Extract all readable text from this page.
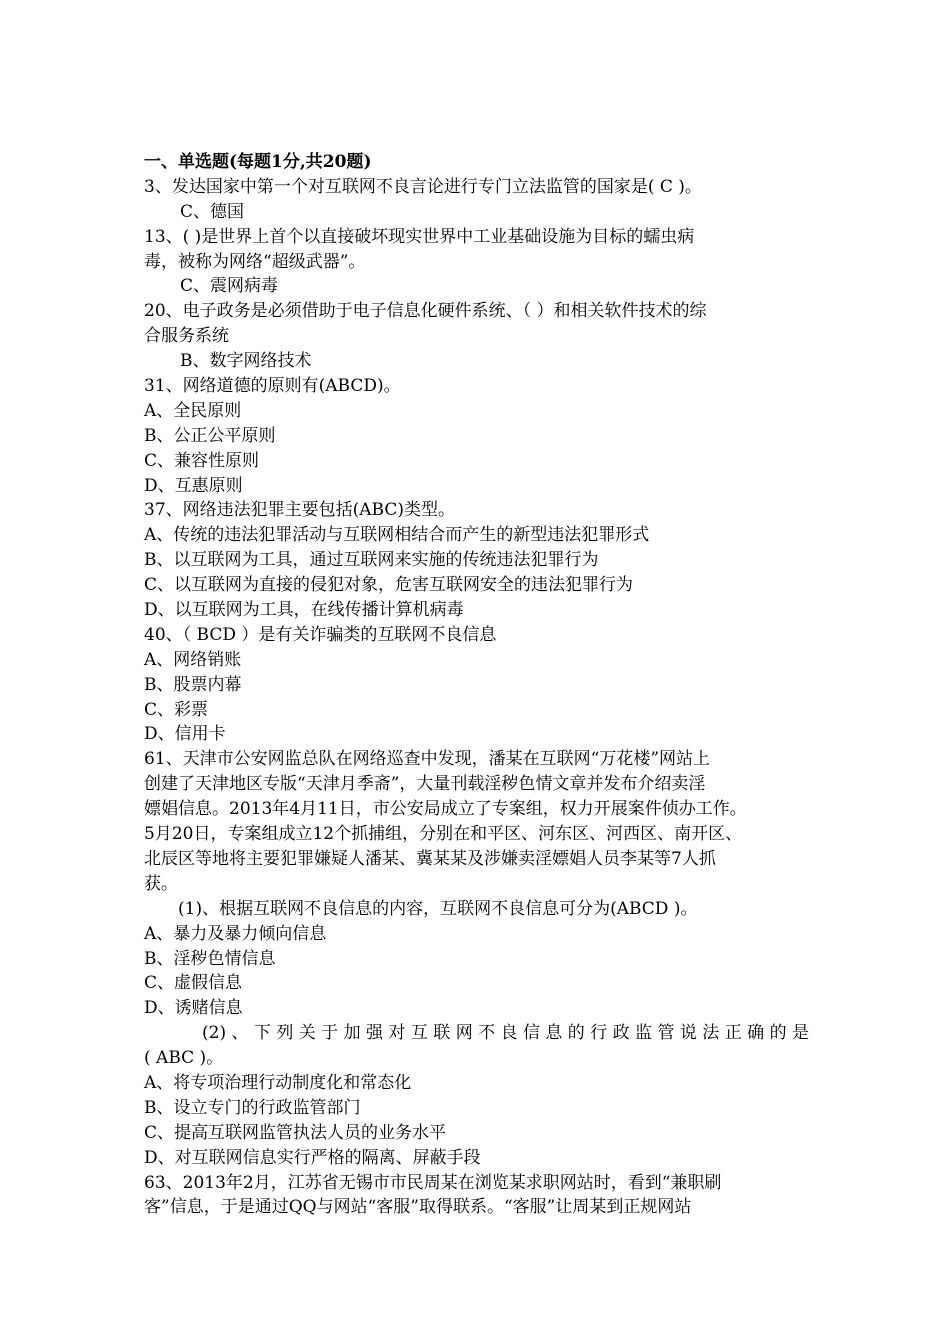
一、单选题(每题1分,共20题)
3、发达国家中第一个对互联网不良言论进行专门立法监管的国家是( C )。
C、德国
13、( )是世界上首个以直接破坏现实世界中工业基础设施为目标的蠕虫病
毒，被称为网络“超级武器”。
C、震网病毒
20、电子政务是必须借助于电子信息化硬件系统、（ ）和相关软件技术的综
合服务系统
B、数字网络技术
31、网络道德的原则有(ABCD)。
A、全民原则
B、公正公平原则
C、兼容性原则
D、互惠原则
37、网络违法犯罪主要包括(ABC)类型。
A、传统的违法犯罪活动与互联网相结合而产生的新型违法犯罪形式
B、以互联网为工具，通过互联网来实施的传统违法犯罪行为
C、以互联网为直接的侵犯对象，危害互联网安全的违法犯罪行为
D、以互联网为工具，在线传播计算机病毒
40、（ BCD ）是有关诈骗类的互联网不良信息
A、网络销账
B、股票内幕
C、彩票
D、信用卡
61、天津市公安网监总队在网络巡查中发现，潘某在互联网“万花楼”网站上
创建了天津地区专版“天津月季斋”，大量刊载淫秽色情文章并发布介绍卖淫
嫖娼信息。2013年4月11日，市公安局成立了专案组，权力开展案件侦办工作。
5月20日，专案组成立12个抓捕组，分别在和平区、河东区、河西区、南开区、
北辰区等地将主要犯罪嫌疑人潘某、冀某某及涉嫌卖淫嫖娼人员李某等7人抓
获。
(1)、根据互联网不良信息的内容，互联网不良信息可分为(ABCD )。
A、暴力及暴力倾向信息
B、淫秽色情信息
C、虚假信息
D、诱赌信息
(2)、下列关于加强对互联网不良信息的行政监管说法正确的是
( ABC )。
A、将专项治理行动制度化和常态化
B、设立专门的行政监管部门
C、提高互联网监管执法人员的业务水平
D、对互联网信息实行严格的隔离、屏蔽手段
63、2013年2月，江苏省无锡市市民周某在浏览某求职网站时，看到“兼职刷
客”信息，于是通过QQ与网站“客服”取得联系。“客服”让周某到正规网站
